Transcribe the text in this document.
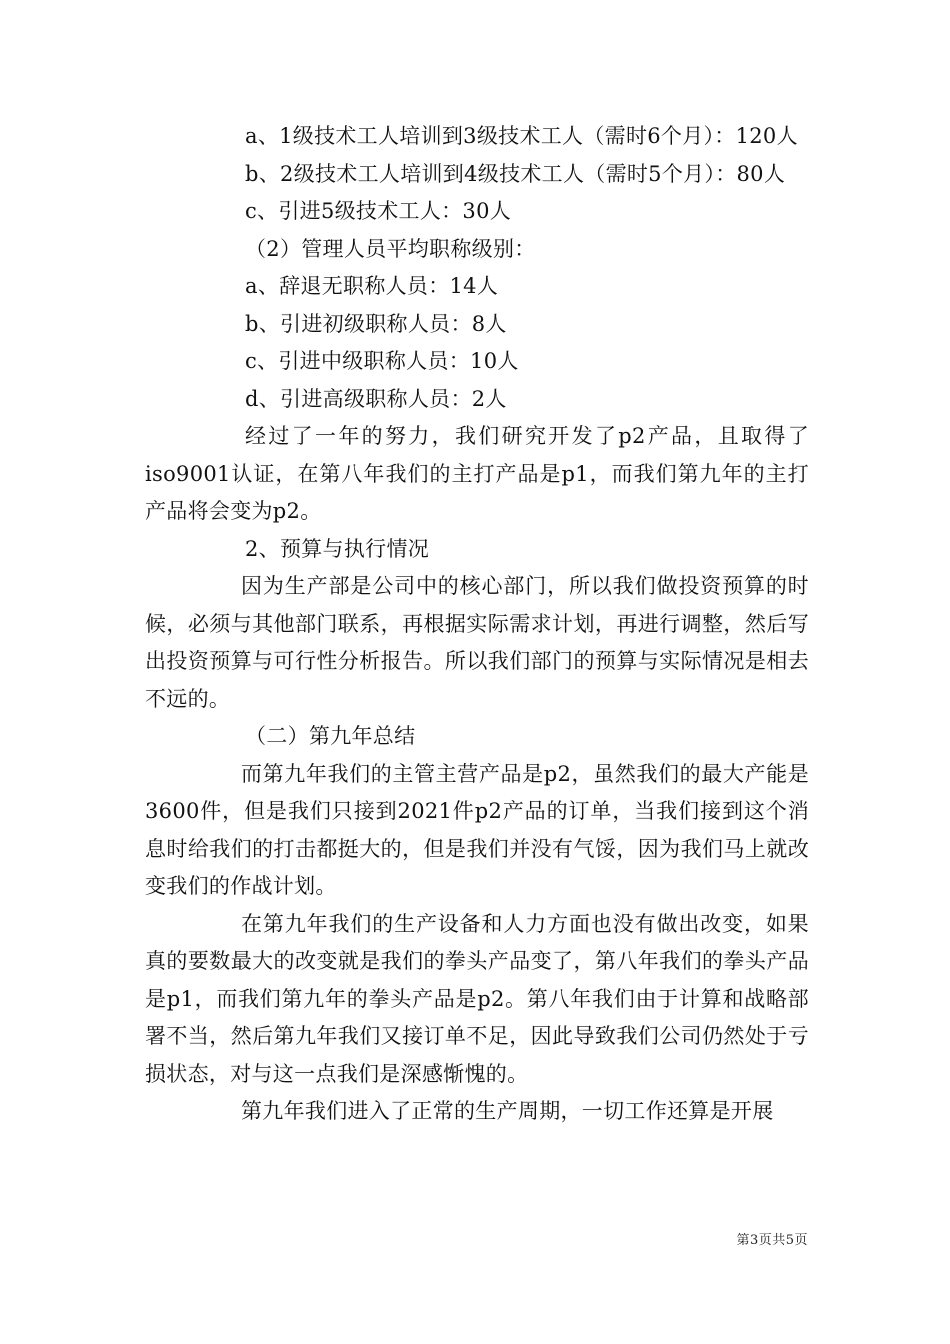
a、1级技术工人培训到3级技术工人（需时6个月）：120人

b、2级技术工人培训到4级技术工人（需时5个月）：80人

c、引进5级技术工人：30人

（2）管理人员平均职称级别：

a、辞退无职称人员：14人

b、引进初级职称人员：8人

c、引进中级职称人员：10人

d、引进高级职称人员：2人

经过了一年的努力，我们研究开发了p2产品，且取得了iso9001认证，在第八年我们的主打产品是p1，而我们第九年的主打产品将会变为p2。

2、预算与执行情况

因为生产部是公司中的核心部门，所以我们做投资预算的时候，必须与其他部门联系，再根据实际需求计划，再进行调整，然后写出投资预算与可行性分析报告。所以我们部门的预算与实际情况是相去不远的。

（二）第九年总结

而第九年我们的主管主营产品是p2，虽然我们的最大产能是3600件，但是我们只接到2021件p2产品的订单，当我们接到这个消息时给我们的打击都挺大的，但是我们并没有气馁，因为我们马上就改变我们的作战计划。

在第九年我们的生产设备和人力方面也没有做出改变，如果真的要数最大的改变就是我们的拳头产品变了，第八年我们的拳头产品是p1，而我们第九年的拳头产品是p2。第八年我们由于计算和战略部署不当，然后第九年我们又接订单不足，因此导致我们公司仍然处于亏损状态，对与这一点我们是深感惭愧的。

第九年我们进入了正常的生产周期，一切工作还算是开展

第3页共5页
